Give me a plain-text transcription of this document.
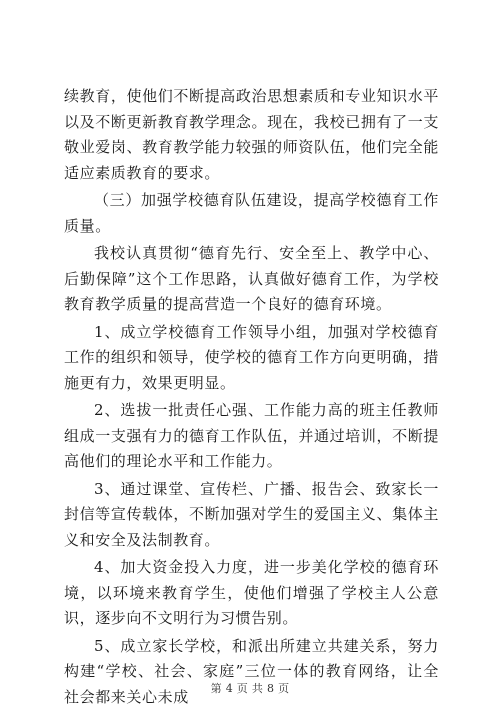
续教育，使他们不断提高政治思想素质和专业知识水平以及不断更新教育教学理念。现在，我校已拥有了一支敬业爱岗、教育教学能力较强的师资队伍，他们完全能适应素质教育的要求。

（三）加强学校德育队伍建设，提高学校德育工作质量。

我校认真贯彻“德育先行、安全至上、教学中心、后勤保障”这个工作思路，认真做好德育工作，为学校教育教学质量的提高营造一个良好的德育环境。

1、成立学校德育工作领导小组，加强对学校德育工作的组织和领导，使学校的德育工作方向更明确，措施更有力，效果更明显。

2、选拔一批责任心强、工作能力高的班主任教师组成一支强有力的德育工作队伍，并通过培训，不断提高他们的理论水平和工作能力。

3、通过课堂、宣传栏、广播、报告会、致家长一封信等宣传载体，不断加强对学生的爱国主义、集体主义和安全及法制教育。

4、加大资金投入力度，进一步美化学校的德育环境，以环境来教育学生，使他们增强了学校主人公意识，逐步向不文明行为习惯告别。

5、成立家长学校，和派出所建立共建关系，努力构建“学校、社会、家庭”三位一体的教育网络，让全社会都来关心未成	第 4 页 共 8 页
